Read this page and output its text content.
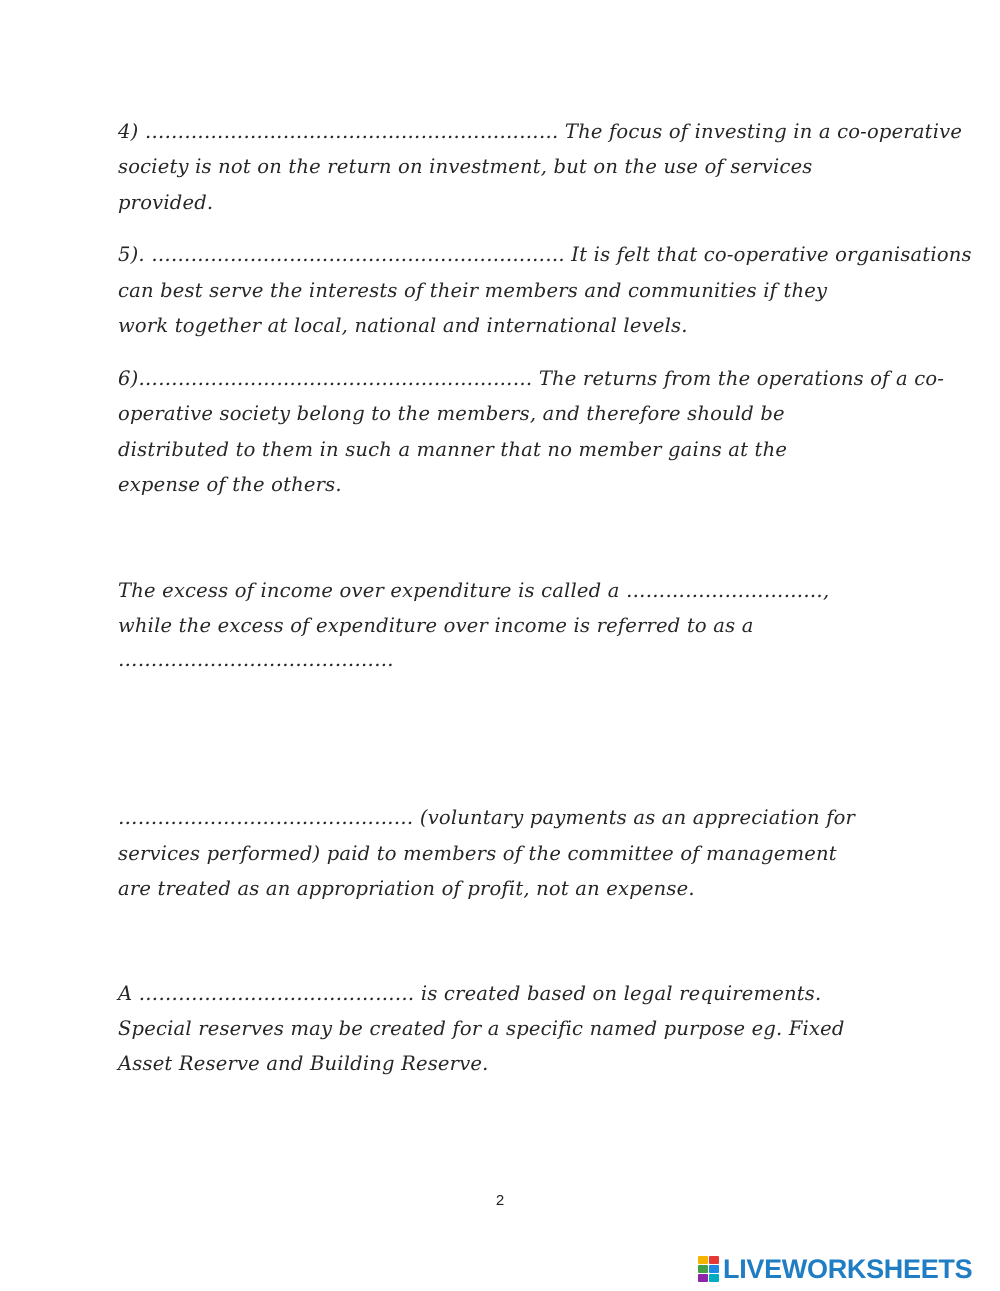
4) ……………………………………………………… The focus of investing in a co-operative
society is not on the return on investment, but on the use of services
provided.
5). ……………………………………………………… It is felt that co-operative organisations
can best serve the interests of their members and communities if they
work together at local, national and international levels.
6)…………………………………………………… The returns from the operations of a co-
operative society belong to the members, and therefore should be
distributed to them in such a manner that no member gains at the
expense of the others.
The excess of income over expenditure is called a …………………………,
while the excess of expenditure over income is referred to as a
……………………………………
……………………………………… (voluntary payments as an appreciation for
services performed) paid to members of the committee of management
are treated as an appropriation of profit, not an expense.
A …………………………………… is created based on legal requirements.
Special reserves may be created for a specific named purpose eg. Fixed
Asset Reserve and Building Reserve.
2
LIVEWORKSHEETS
